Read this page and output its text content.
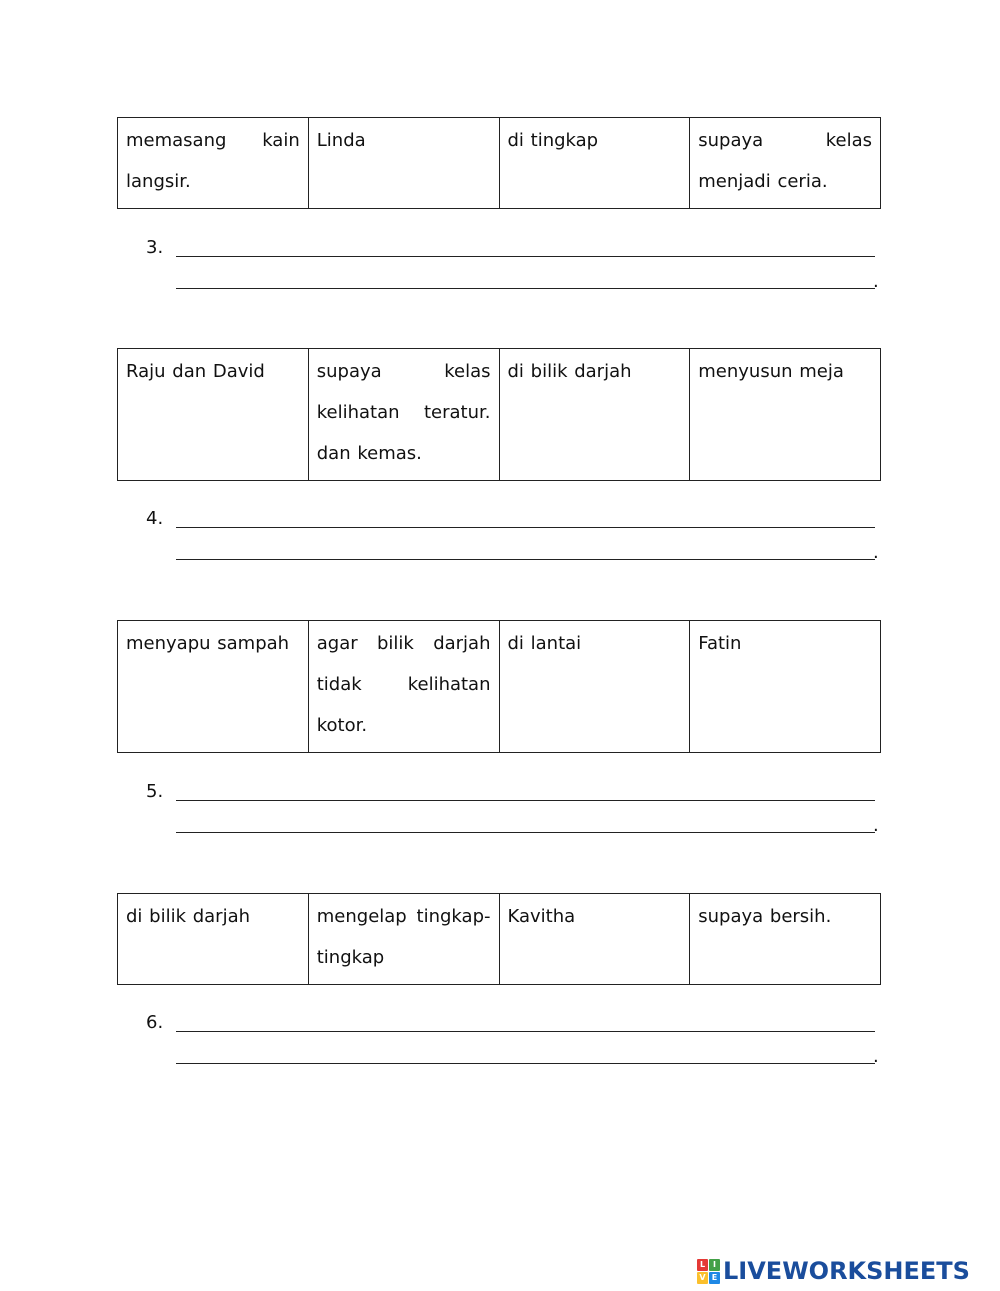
memasang kain langsir.	Linda	di tingkap	supaya kelas menjadi ceria.
3.
.
Raju dan David	supaya kelas kelihatan teratur. dan kemas.	di bilik darjah	menyusun meja
4.
.
menyapu sampah	agar bilik darjah tidak kelihatan kotor.	di lantai	Fatin
5.
.
di bilik darjah	mengelap tingkap-tingkap	Kavitha	supaya bersih.
6.
.
L I
V E LIVEWORKSHEETS
